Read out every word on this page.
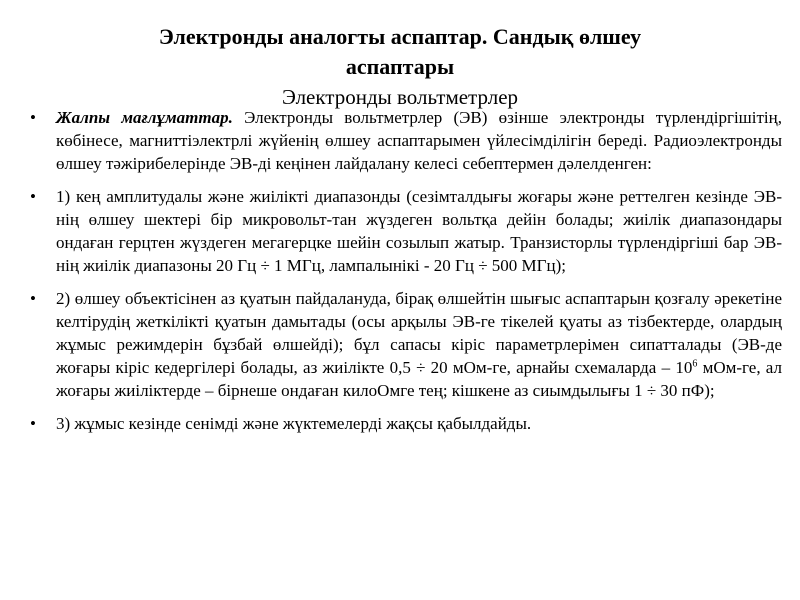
Электронды аналогты аспаптар. Сандық өлшеу
аспаптары
Электронды вольтметрлер
• Жалпы мағлұматтар. Электронды вольтметрлер (ЭВ) өзінше электронды түрлендіргішітің, көбінесе, магниттіэлектрлі жүйенің өлшеу аспаптарымен үйлесімділігін береді. Радиоэлектронды өлшеу тәжірибелерінде ЭВ-ді кеңінен лайдалану келесі себептермен дәлелденген:
• 1) кең амплитудалы және жиілікті диапазонды (сезімталдығы жоғары және реттелген кезінде ЭВ-нің өлшеу шектері бір микровольт-тан жүздеген вольтқа дейін болады; жиілік диапазондары ондаған герцтен жүздеген мегагерцке шейін созылып жатыр. Транзисторлы түрлендіргіші бар ЭВ-нің жиілік диапазоны 20 Гц ÷ 1 МГц, лампалынікі - 20 Гц ÷ 500 МГц);
• 2) өлшеу объектісінен аз қуатын пайдалануда, бірақ өлшейтін шығыс аспаптарын қозғалу әрекетіне келтірудің жеткілікті қуатын дамытады (осы арқылы ЭВ-ге тікелей қуаты аз тізбектерде, олардың жұмыс режимдерін бұзбай өлшейді); бұл сапасы кіріс параметрлерімен сипатталады (ЭВ-де жоғары кіріс кедергілері болады, аз жиілікте 0,5 ÷ 20 мОм-ге, арнайы схемаларда – $10^6$ мОм-ге, ал жоғары жиіліктерде – бірнеше ондаған килоОмге тең; кішкене аз сиымдылығы 1 ÷ 30 пФ);
• 3) жұмыс кезінде сенімді және жүктемелерді жақсы қабылдайды.
